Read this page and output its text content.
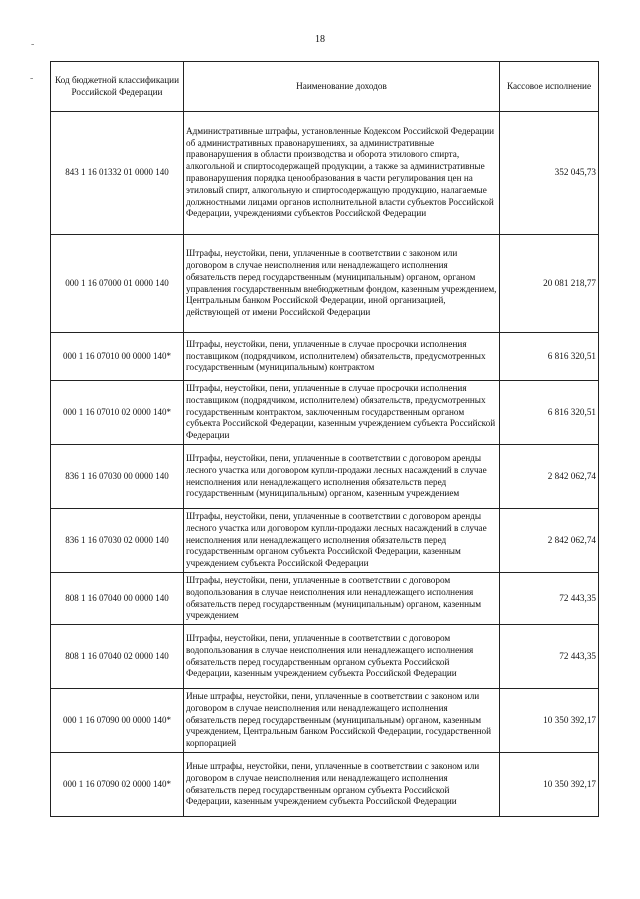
18
-
- Код бюджетной классификации Российской Федерации	Наименование доходов	Кассовое исполнение
843 1 16 01332 01 0000 140	Административные штрафы, установленные Кодексом Российской Федерации об административных правонарушениях, за административные правонарушения в области производства и оборота этилового спирта, алкогольной и спиртосодержащей продукции, а также за административные правонарушения порядка ценообразования в части регулирования цен на этиловый спирт, алкогольную и спиртосодержащую продукцию, налагаемые должностными лицами органов исполнительной власти субъектов Российской Федерации, учреждениями субъектов Российской Федерации	352 045,73
000 1 16 07000 01 0000 140	Штрафы, неустойки, пени, уплаченные в соответствии с законом или договором в случае неисполнения или ненадлежащего исполнения обязательств перед государственным (муниципальным) органом, органом управления государственным внебюджетным фондом, казенным учреждением, Центральным банком Российской Федерации, иной организацией, действующей от имени Российской Федерации	20 081 218,77
000 1 16 07010 00 0000 140*	Штрафы, неустойки, пени, уплаченные в случае просрочки исполнения поставщиком (подрядчиком, исполнителем) обязательств, предусмотренных государственным (муниципальным) контрактом	6 816 320,51
000 1 16 07010 02 0000 140*	Штрафы, неустойки, пени, уплаченные в случае просрочки исполнения поставщиком (подрядчиком, исполнителем) обязательств, предусмотренных государственным контрактом, заключенным государственным органом субъекта Российской Федерации, казенным учреждением субъекта Российской Федерации	6 816 320,51
836 1 16 07030 00 0000 140	Штрафы, неустойки, пени, уплаченные в соответствии с договором аренды лесного участка или договором купли-продажи лесных насаждений в случае неисполнения или ненадлежащего исполнения обязательств перед государственным (муниципальным) органом, казенным учреждением	2 842 062,74
836 1 16 07030 02 0000 140	Штрафы, неустойки, пени, уплаченные в соответствии с договором аренды лесного участка или договором купли-продажи лесных насаждений в случае неисполнения или ненадлежащего исполнения обязательств перед государственным органом субъекта Российской Федерации, казенным учреждением субъекта Российской Федерации	2 842 062,74
808 1 16 07040 00 0000 140	Штрафы, неустойки, пени, уплаченные в соответствии с договором водопользования в случае неисполнения или ненадлежащего исполнения обязательств перед государственным (муниципальным) органом, казенным учреждением	72 443,35
808 1 16 07040 02 0000 140	Штрафы, неустойки, пени, уплаченные в соответствии с договором водопользования в случае неисполнения или ненадлежащего исполнения обязательств перед государственным органом субъекта Российской Федерации, казенным учреждением субъекта Российской Федерации	72 443,35
000 1 16 07090 00 0000 140*	Иные штрафы, неустойки, пени, уплаченные в соответствии с законом или договором в случае неисполнения или ненадлежащего исполнения обязательств перед государственным (муниципальным) органом, казенным учреждением, Центральным банком Российской Федерации, государственной корпорацией	10 350 392,17
000 1 16 07090 02 0000 140*	Иные штрафы, неустойки, пени, уплаченные в соответствии с законом или договором в случае неисполнения или ненадлежащего исполнения обязательств перед государственным органом субъекта Российской Федерации, казенным учреждением субъекта Российской Федерации	10 350 392,17
